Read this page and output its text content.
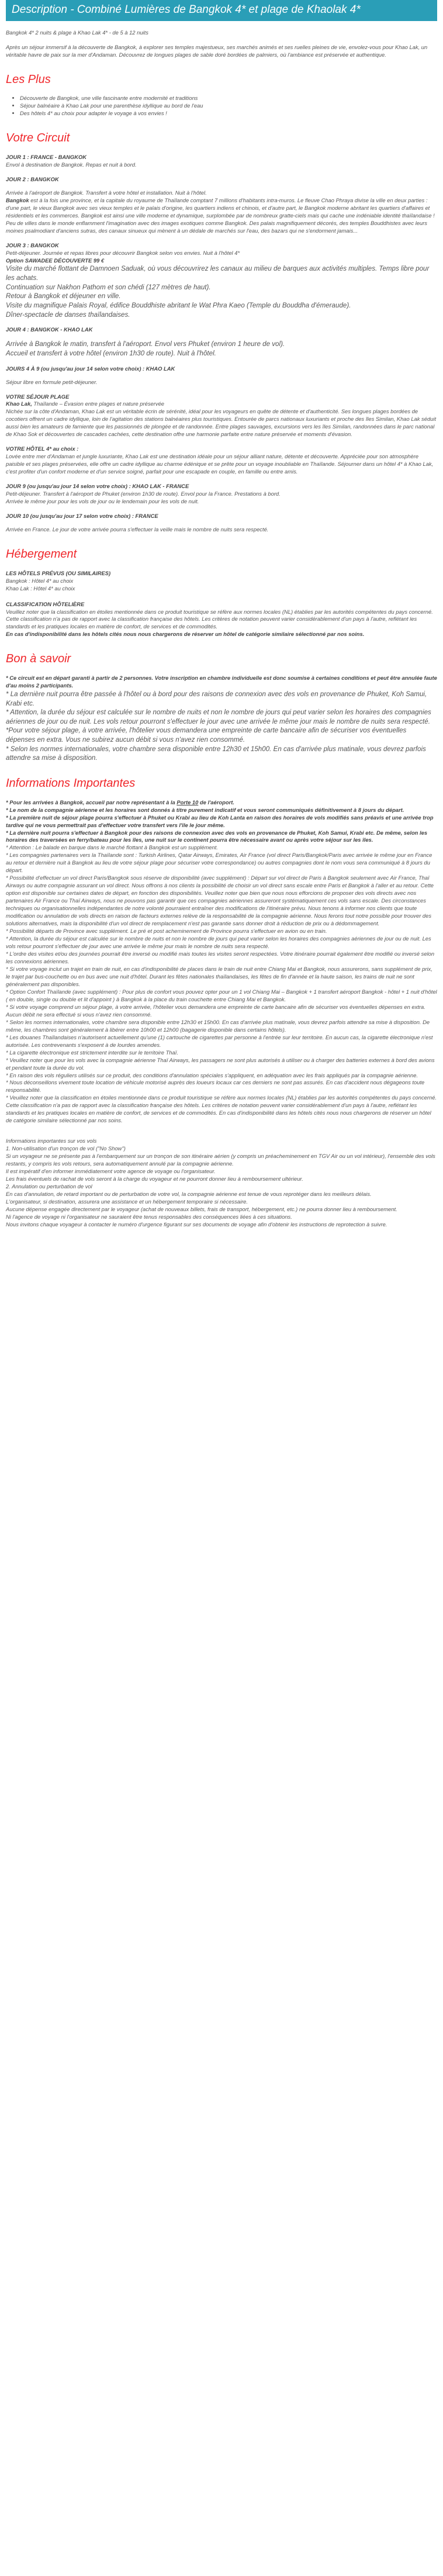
Description - Combiné Lumières de Bangkok 4* et plage de Khaolak 4*

Bangkok 4* 2 nuits & plage à Khao Lak 4* - de 5 à 12 nuits

Après un séjour immersif à la découverte de Bangkok, à explorer ses temples majestueux, ses marchés animés et ses ruelles pleines de vie, envolez-vous pour Khao Lak, un véritable havre de paix sur la mer d'Andaman. Découvrez de longues plages de sable doré bordées de palmiers, où l'ambiance est préservée et authentique.

Les Plus
• Découverte de Bangkok, une ville fascinante entre modernité et traditions
• Séjour balnéaire à Khao Lak pour une parenthèse idyllique au bord de l'eau
• Des hôtels 4* au choix pour adapter le voyage à vos envies !
Votre Circuit

JOUR 1 : FRANCE - BANGKOK

Envol à destination de Bangkok. Repas et nuit à bord.

JOUR 2 : BANGKOK

Arrivée à l'aéroport de Bangkok. Transfert à votre hôtel et installation. Nuit à l'hôtel.

Bangkok est à la fois une province, et la capitale du royaume de Thaïlande comptant 7 millions d'habitants intra-muros. Le fleuve Chao Phraya divise la ville en deux parties : d'une part, le vieux Bangkok avec ses vieux temples et le palais d'origine, les quartiers indiens et chinois, et d'autre part, le Bangkok moderne abritant les quartiers d'affaires et résidentiels et les commerces. Bangkok est ainsi une ville moderne et dynamique, surplombée par de nombreux gratte-ciels mais qui cache une indéniable identité thaïlandaise !

Peu de villes dans le monde enflamment l'imagination avec des images exotiques comme Bangkok. Des palais magnifiquement décorés, des temples Bouddhistes avec leurs moines psalmodiant d'anciens sutras, des canaux sinueux qui mènent à un dédale de marchés sur l'eau, des bazars qui ne s'endorment jamais...

JOUR 3 : BANGKOK

Petit-déjeuner. Journée et repas libres pour découvrir Bangkok selon vos envies. Nuit à l'hôtel 4*

Option SAWADEE DÉCOUVERTE 99 €

Visite du marché flottant de Damnoen Saduak, où vous découvrirez les canaux au milieu de barques aux activités multiples. Temps libre pour les achats.

Continuation sur Nakhon Pathom et son chédi (127 mètres de haut).

Retour à Bangkok et déjeuner en ville.

Visite du magnifique Palais Royal, édifice Bouddhiste abritant le Wat Phra Kaeo (Temple du Bouddha d'émeraude).

Dîner-spectacle de danses thaïlandaises.

JOUR 4 : BANGKOK - KHAO LAK

Arrivée à Bangkok le matin, transfert à l'aéroport. Envol vers Phuket (environ 1 heure de vol).

Accueil et transfert à votre hôtel (environ 1h30 de route). Nuit à l'hôtel.

JOURS 4 À 9 (ou jusqu'au jour 14 selon votre choix) : KHAO LAK

Séjour libre en formule petit-déjeuner.

VOTRE SÉJOUR PLAGE

Khao Lak, Thaïlande – Évasion entre plages et nature préservée

Nichée sur la côte d'Andaman, Khao Lak est un véritable écrin de sérénité, idéal pour les voyageurs en quête de détente et d'authenticité. Ses longues plages bordées de cocotiers offrent un cadre idyllique, loin de l'agitation des stations balnéaires plus touristiques. Entourée de parcs nationaux luxuriants et proche des îles Similan, Khao Lak séduit aussi bien les amateurs de farniente que les passionnés de plongée et de randonnée. Entre plages sauvages, excursions vers les îles Similan, randonnées dans le parc national de Khao Sok et découvertes de cascades cachées, cette destination offre une harmonie parfaite entre nature préservée et moments d'évasion.

VOTRE HÔTEL 4* au choix :

Lovée entre mer d'Andaman et jungle luxuriante, Khao Lak est une destination idéale pour un séjour alliant nature, détente et découverte. Appréciée pour son atmosphère paisible et ses plages préservées, elle offre un cadre idyllique au charme édénique et se prête pour un voyage inoubliable en Thaïlande. Séjourner dans un hôtel 4* à Khao Lak, c'est profiter d'un confort moderne et d'un service soigné, parfait pour une escapade en couple, en famille ou entre amis.

JOUR 9 (ou jusqu'au jour 14 selon votre choix) : KHAO LAK - FRANCE

Petit-déjeuner. Transfert à l'aéroport de Phuket (environ 1h30 de route). Envol pour la France. Prestations à bord.

Arrivée le même jour pour les vols de jour ou le lendemain pour les vols de nuit.

JOUR 10 (ou jusqu'au jour 17 selon votre choix) : FRANCE

Arrivée en France. Le jour de votre arrivée pourra s'effectuer la veille mais le nombre de nuits sera respecté.

Hébergement

LES HÔTELS PRÉVUS (OU SIMILAIRES)

Bangkok : Hôtel 4* au choix

Khao Lak : Hôtel 4* au choix

CLASSIFICATION HÔTELIÈRE

Veuillez noter que la classification en étoiles mentionnée dans ce produit touristique se réfère aux normes locales (NL) établies par les autorités compétentes du pays concerné. Cette classification n'a pas de rapport avec la classification française des hôtels. Les critères de notation peuvent varier considérablement d'un pays à l'autre, reflétant les standards et les pratiques locales en matière de confort, de services et de commodités.

En cas d'indisponibilité dans les hôtels cités nous nous chargerons de réserver un hôtel de catégorie similaire sélectionné par nos soins.

Bon à savoir

* Ce circuit est en départ garanti à partir de 2 personnes. Votre inscription en chambre individuelle est donc soumise à certaines conditions et peut être annulée faute d'au moins 2 participants.

* La dernière nuit pourra être passée à l'hôtel ou à bord pour des raisons de connexion avec des vols en provenance de Phuket, Koh Samui, Krabi etc.

* Attention, la durée du séjour est calculée sur le nombre de nuits et non le nombre de jours qui peut varier selon les horaires des compagnies aériennes de jour ou de nuit. Les vols retour pourront s'effectuer le jour avec une arrivée le même jour mais le nombre de nuits sera respecté.

*Pour votre séjour plage, à votre arrivée, l'hôtelier vous demandera une empreinte de carte bancaire afin de sécuriser vos éventuelles dépenses en extra. Vous ne subirez aucun débit si vous n'avez rien consommé.

* Selon les normes internationales, votre chambre sera disponible entre 12h30 et 15h00. En cas d'arrivée plus matinale, vous devrez parfois attendre sa mise à disposition.

Informations Importantes

* Pour les arrivées à Bangkok, accueil par notre représentant à la Porte 10 de l'aéroport.

* Le nom de la compagnie aérienne et les horaires sont donnés à titre purement indicatif et vous seront communiqués définitivement à 8 jours du départ.

* La première nuit de séjour plage pourra s'effectuer à Phuket ou Krabi au lieu de Koh Lanta en raison des horaires de vols modifiés sans préavis et une arrivée trop tardive qui ne vous permettrait pas d'effectuer votre transfert vers l'île le jour même.

* La dernière nuit pourra s'effectuer à Bangkok pour des raisons de connexion avec des vols en provenance de Phuket, Koh Samui, Krabi etc. De même, selon les horaires des traversées en ferry/bateau pour les îles, une nuit sur le continent pourra être nécessaire avant ou après votre séjour sur les îles.

* Attention : Le balade en barque dans le marché flottant à Bangkok est un supplément.

* Les compagnies partenaires vers la Thaïlande sont : Turkish Airlines, Qatar Airways, Emirates, Air France (vol direct Paris/Bangkok/Paris avec arrivée le même jour en France au retour et dernière nuit à Bangkok au lieu de votre séjour plage pour sécuriser votre correspondance) ou autres compagnies dont le nom vous sera communiqué à 8 jours du départ.

* Possibilité d'effectuer un vol direct Paris/Bangkok sous réserve de disponibilité (avec supplément) : Départ sur vol direct de Paris à Bangkok seulement avec Air France, Thaï Airways ou autre compagnie assurant un vol direct. Nous offrons à nos clients la possibilité de choisir un vol direct sans escale entre Paris et Bangkok à l'aller et au retour. Cette option est disponible sur certaines dates de départ, en fonction des disponibilités. Veuillez noter que bien que nous nous efforcions de proposer des vols directs avec nos partenaires Air France ou Thaï Airways, nous ne pouvons pas garantir que ces compagnies aériennes assureront systématiquement ces vols sans escale. Des circonstances techniques ou organisationnelles indépendantes de notre volonté pourraient entraîner des modifications de l'itinéraire prévu. Nous tenons à informer nos clients que toute modification ou annulation de vols directs en raison de facteurs externes relève de la responsabilité de la compagnie aérienne. Nous ferons tout notre possible pour trouver des solutions alternatives, mais la disponibilité d'un vol direct de remplacement n'est pas garantie sans donner droit à réduction de prix ou à dédommagement.

* Possibilité départs de Province avec supplément. Le pré et post acheminement de Province pourra s'effectuer en avion ou en train.

* Attention, la durée du séjour est calculée sur le nombre de nuits et non le nombre de jours qui peut varier selon les horaires des compagnies aériennes de jour ou de nuit. Les vols retour pourront s'effectuer de jour avec une arrivée le même jour mais le nombre de nuits sera respecté.

* L'ordre des visites et/ou des journées pourrait être inversé ou modifié mais toutes les visites seront respectées. Votre itinéraire pourrait également être modifié ou inversé selon les connexions aériennes.

* Si votre voyage inclut un trajet en train de nuit, en cas d'indisponibilité de places dans le train de nuit entre Chiang Mai et Bangkok, nous assurerons, sans supplément de prix, le trajet par bus-couchette ou en bus avec une nuit d'hôtel. Durant les fêtes nationales thaïlandaises, les fêtes de fin d'année et la haute saison, les trains de nuit ne sont généralement pas disponibles.

* Option Confort Thaïlande (avec supplément) : Pour plus de confort vous pouvez opter pour un 1 vol Chiang Mai – Bangkok + 1 transfert aéroport Bangkok - hôtel + 1 nuit d'hôtel ( en double, single ou double et lit d'appoint ) à Bangkok à la place du train couchette entre Chiang Mai et Bangkok.

* Si votre voyage comprend un séjour plage, à votre arrivée, l'hôtelier vous demandera une empreinte de carte bancaire afin de sécuriser vos éventuelles dépenses en extra. Aucun débit ne sera effectué si vous n'avez rien consommé.

* Selon les normes internationales, votre chambre sera disponible entre 12h30 et 15h00. En cas d'arrivée plus matinale, vous devrez parfois attendre sa mise à disposition. De même, les chambres sont généralement à libérer entre 10h00 et 12h00 (bagagerie disponible dans certains hôtels).

* Les douanes Thaïlandaises n'autorisent actuellement qu'une (1) cartouche de cigarettes par personne à l'entrée sur leur territoire. En aucun cas, la cigarette électronique n'est autorisée. Les contrevenants s'exposent à de lourdes amendes.

* La cigarette électronique est strictement interdite sur le territoire Thaï.

* Veuillez noter que pour les vols avec la compagnie aérienne Thaï Airways, les passagers ne sont plus autorisés à utiliser ou à charger des batteries externes à bord des avions et pendant toute la durée du vol.

* En raison des vols réguliers utilisés sur ce produit, des conditions d'annulation spéciales s'appliquent, en adéquation avec les frais appliqués par la compagnie aérienne.

* Nous déconseillons vivement toute location de véhicule motorisé auprès des loueurs locaux car ces derniers ne sont pas assurés. En cas d'accident nous dégageons toute responsabilité.

* Veuillez noter que la classification en étoiles mentionnée dans ce produit touristique se réfère aux normes locales (NL) établies par les autorités compétentes du pays concerné. Cette classification n'a pas de rapport avec la classification française des hôtels. Les critères de notation peuvent varier considérablement d'un pays à l'autre, reflétant les standards et les pratiques locales en matière de confort, de services et de commodités. En cas d'indisponibilité dans les hôtels cités nous nous chargerons de réserver un hôtel de catégorie similaire sélectionné par nos soins.

Informations importantes sur vos vols

1. Non-utilisation d'un tronçon de vol ("No Show")

Si un voyageur ne se présente pas à l'embarquement sur un tronçon de son itinéraire aérien (y compris un préacheminement en TGV Air ou un vol intérieur), l'ensemble des vols restants, y compris les vols retours, sera automatiquement annulé par la compagnie aérienne.

Il est impératif d'en informer immédiatement votre agence de voyage ou l'organisateur.

Les frais éventuels de rachat de vols seront à la charge du voyageur et ne pourront donner lieu à remboursement ultérieur.

2. Annulation ou perturbation de vol

En cas d'annulation, de retard important ou de perturbation de votre vol, la compagnie aérienne est tenue de vous reprotéger dans les meilleurs délais.

L'organisateur, si destination, assurera une assistance et un hébergement temporaire si nécessaire.

Aucune dépense engagée directement par le voyageur (achat de nouveaux billets, frais de transport, hébergement, etc.) ne pourra donner lieu à remboursement.

Ni l'agence de voyage ni l'organisateur ne sauraient être tenus responsables des conséquences liées à ces situations.

Nous invitons chaque voyageur à contacter le numéro d'urgence figurant sur ses documents de voyage afin d'obtenir les instructions de reprotection à suivre.
